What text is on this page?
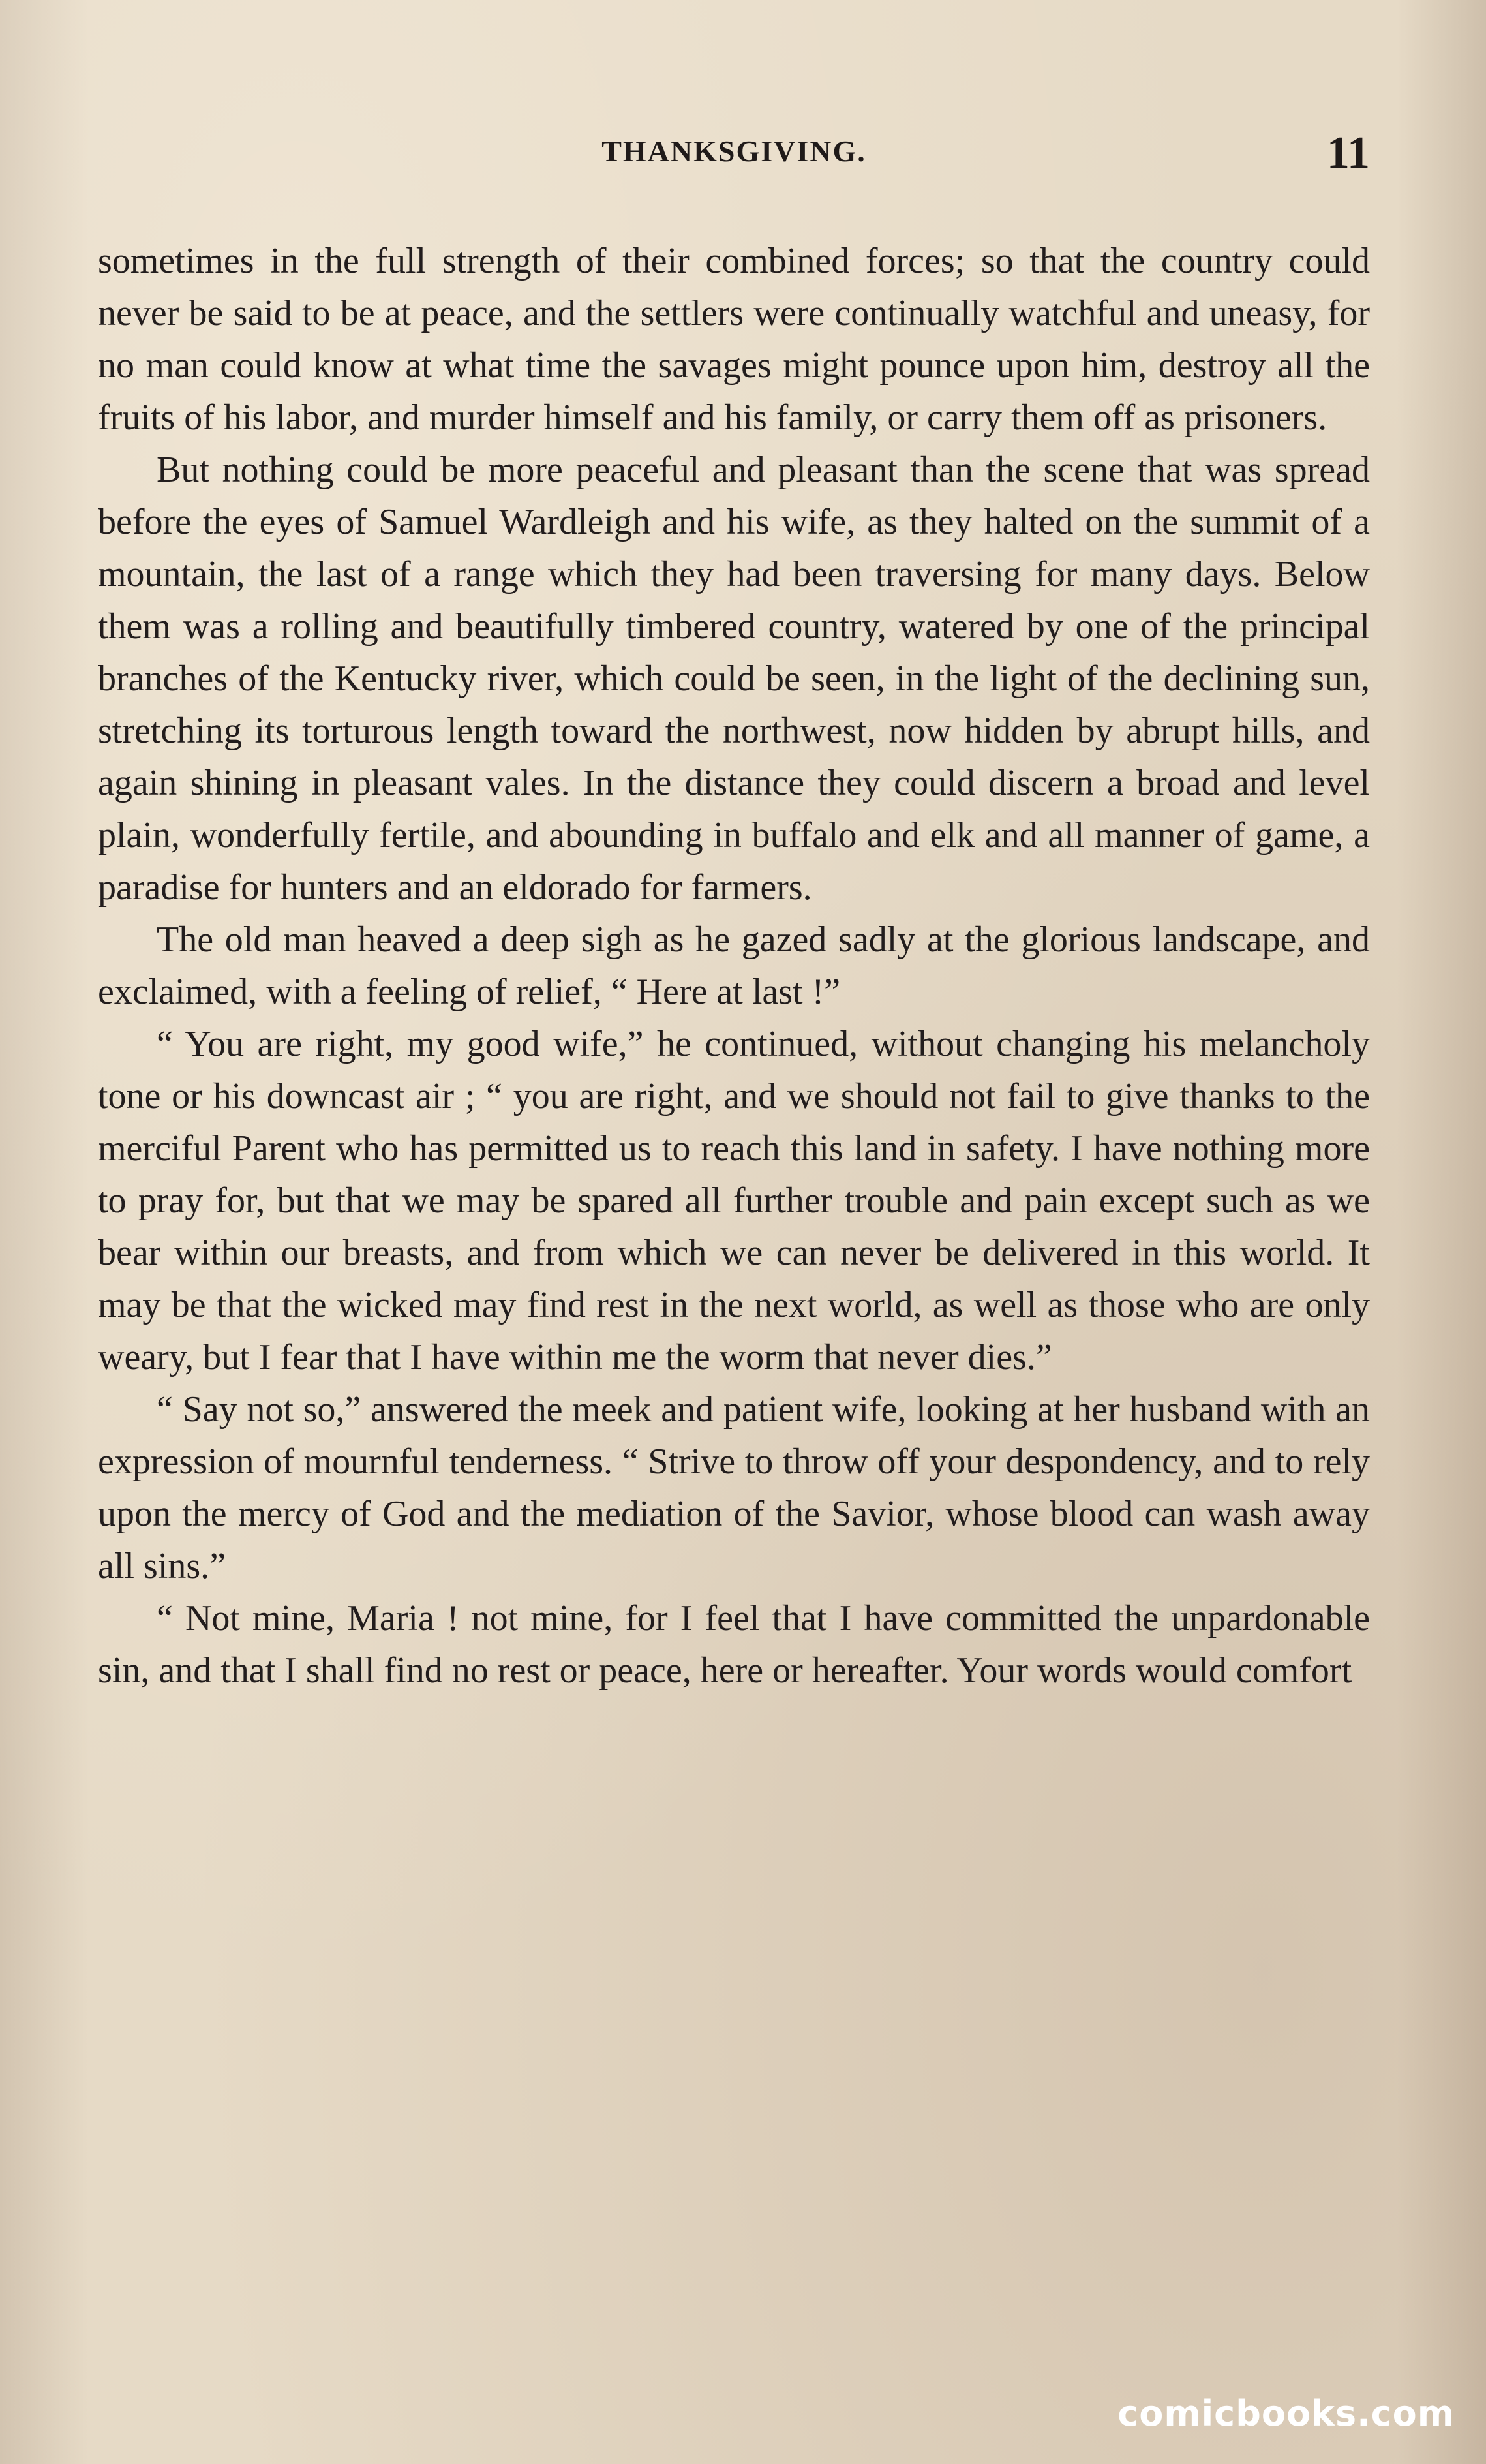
THANKSGIVING.	11

sometimes in the full strength of their combined forces; so that the country could never be said to be at peace, and the settlers were continually watchful and uneasy, for no man could know at what time the savages might pounce upon him, destroy all the fruits of his labor, and murder himself and his family, or carry them off as prisoners.

But nothing could be more peaceful and pleasant than the scene that was spread before the eyes of Samuel Wardleigh and his wife, as they halted on the summit of a mountain, the last of a range which they had been traversing for many days. Below them was a rolling and beautifully timbered country, watered by one of the principal branches of the Kentucky river, which could be seen, in the light of the declining sun, stretching its torturous length toward the northwest, now hidden by abrupt hills, and again shining in pleasant vales. In the distance they could discern a broad and level plain, wonderfully fertile, and abounding in buffalo and elk and all manner of game, a paradise for hunters and an eldorado for farmers.

The old man heaved a deep sigh as he gazed sadly at the glorious landscape, and exclaimed, with a feeling of relief, “ Here at last !”

“ You are right, my good wife,” he continued, without changing his melancholy tone or his downcast air ; “ you are right, and we should not fail to give thanks to the merciful Parent who has permitted us to reach this land in safety. I have nothing more to pray for, but that we may be spared all further trouble and pain except such as we bear within our breasts, and from which we can never be delivered in this world. It may be that the wicked may find rest in the next world, as well as those who are only weary, but I fear that I have within me the worm that never dies.”

“ Say not so,” answered the meek and patient wife, looking at her husband with an expression of mournful tenderness. “ Strive to throw off your despondency, and to rely upon the mercy of God and the mediation of the Savior, whose blood can wash away all sins.”

“ Not mine, Maria ! not mine, for I feel that I have committed the unpardonable sin, and that I shall find no rest or peace, here or hereafter. Your words would comfort

comicbooks.com
